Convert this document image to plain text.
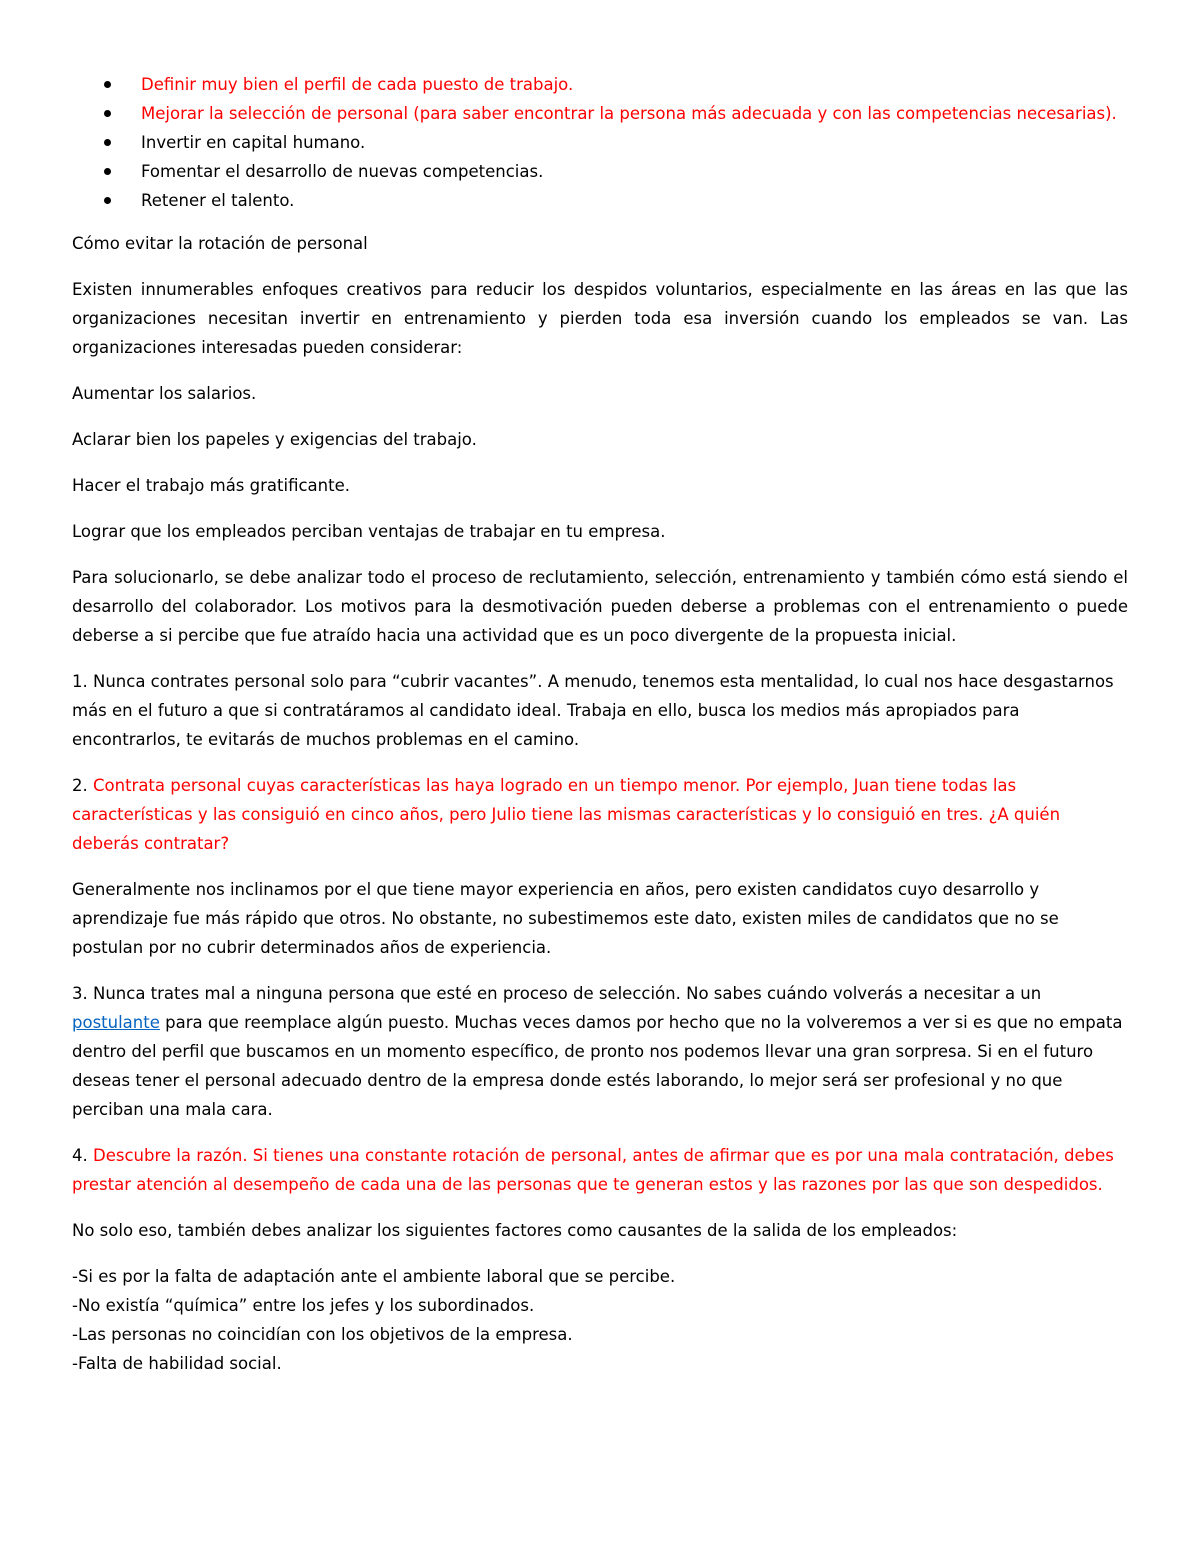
Definir muy bien el perfil de cada puesto de trabajo.
Mejorar la selección de personal (para saber encontrar la persona más adecuada y con las competencias necesarias).
Invertir en capital humano.
Fomentar el desarrollo de nuevas competencias.
Retener el talento.

Cómo evitar la rotación de personal

Existen innumerables enfoques creativos para reducir los despidos voluntarios, especialmente en las áreas en las que las organizaciones necesitan invertir en entrenamiento y pierden toda esa inversión cuando los empleados se van. Las organizaciones interesadas pueden considerar:

Aumentar los salarios.

Aclarar bien los papeles y exigencias del trabajo.

Hacer el trabajo más gratificante.

Lograr que los empleados perciban ventajas de trabajar en tu empresa.

Para solucionarlo, se debe analizar todo el proceso de reclutamiento, selección, entrenamiento y también cómo está siendo el desarrollo del colaborador. Los motivos para la desmotivación pueden deberse a problemas con el entrenamiento o puede deberse a si percibe que fue atraído hacia una actividad que es un poco divergente de la propuesta inicial.

1. Nunca contrates personal solo para “cubrir vacantes”. A menudo, tenemos esta mentalidad, lo cual nos hace desgastarnos más en el futuro a que si contratáramos al candidato ideal. Trabaja en ello, busca los medios más apropiados para encontrarlos, te evitarás de muchos problemas en el camino.

2. Contrata personal cuyas características las haya logrado en un tiempo menor. Por ejemplo, Juan tiene todas las características y las consiguió en cinco años, pero Julio tiene las mismas características y lo consiguió en tres. ¿A quién deberás contratar?

Generalmente nos inclinamos por el que tiene mayor experiencia en años, pero existen candidatos cuyo desarrollo y aprendizaje fue más rápido que otros. No obstante, no subestimemos este dato, existen miles de candidatos que no se postulan por no cubrir determinados años de experiencia.

3. Nunca trates mal a ninguna persona que esté en proceso de selección. No sabes cuándo volverás a necesitar a un postulante para que reemplace algún puesto. Muchas veces damos por hecho que no la volveremos a ver si es que no empata dentro del perfil que buscamos en un momento específico, de pronto nos podemos llevar una gran sorpresa. Si en el futuro deseas tener el personal adecuado dentro de la empresa donde estés laborando, lo mejor será ser profesional y no que perciban una mala cara.

4. Descubre la razón. Si tienes una constante rotación de personal, antes de afirmar que es por una mala contratación, debes prestar atención al desempeño de cada una de las personas que te generan estos y las razones por las que son despedidos.

No solo eso, también debes analizar los siguientes factores como causantes de la salida de los empleados:

-Si es por la falta de adaptación ante el ambiente laboral que se percibe.

-No existía “química” entre los jefes y los subordinados.

-Las personas no coincidían con los objetivos de la empresa.

-Falta de habilidad social.
